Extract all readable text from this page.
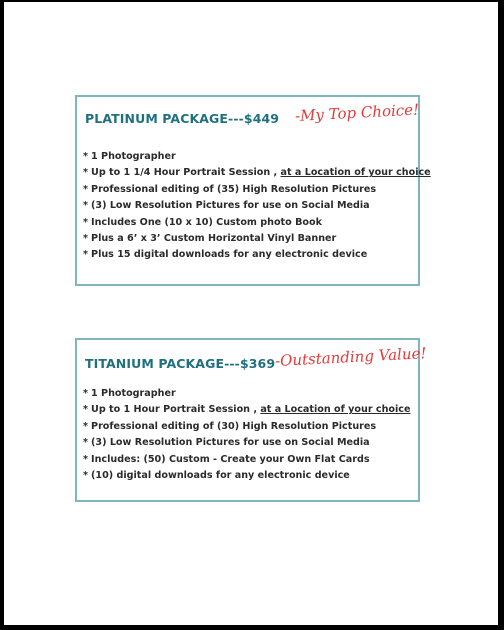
PLATINUM PACKAGE---$449 -My Top Choice!
* 1 Photographer
* Up to 1 1/4 Hour Portrait Session , at a Location of your choice
* Professional editing of (35) High Resolution Pictures
* (3) Low Resolution Pictures for use on Social Media
* Includes One (10 x 10) Custom photo Book
* Plus a 6’ x 3’ Custom Horizontal Vinyl Banner
* Plus 15 digital downloads for any electronic device
TITANIUM PACKAGE---$369 -Outstanding Value!
* 1 Photographer
* Up to 1 Hour Portrait Session , at a Location of your choice
* Professional editing of (30) High Resolution Pictures
* (3) Low Resolution Pictures for use on Social Media
* Includes: (50) Custom - Create your Own Flat Cards
* (10) digital downloads for any electronic device
